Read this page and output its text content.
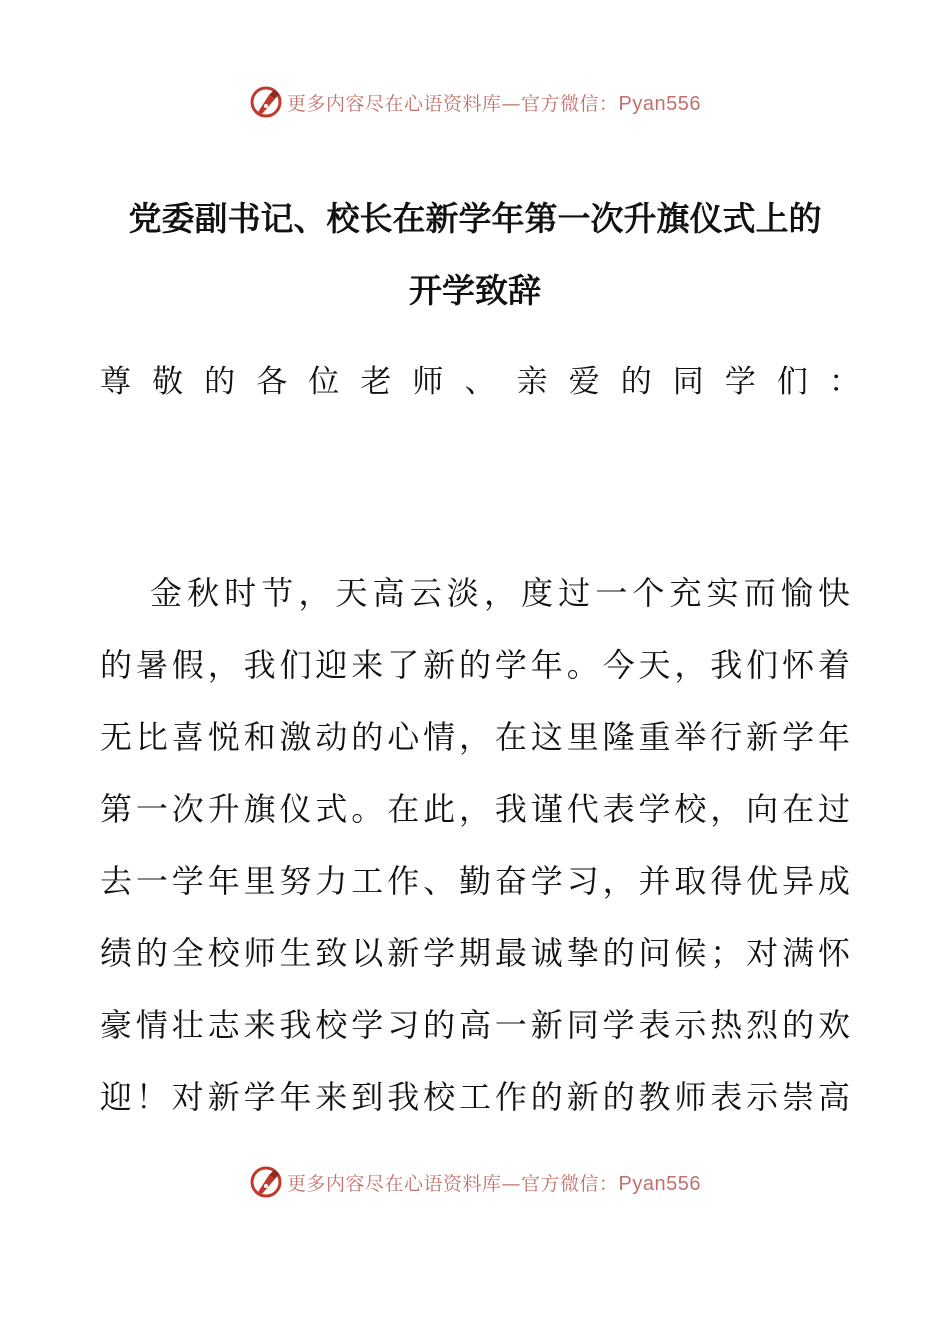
更多内容尽在心语资料库—官方微信：Pyan556
党委副书记、校长在新学年第一次升旗仪式上的
开学致辞
尊敬的各位老师、亲爱的同学们：
金秋时节，天高云淡，度过一个充实而愉快
的暑假，我们迎来了新的学年。今天，我们怀着
无比喜悦和激动的心情，在这里隆重举行新学年
第一次升旗仪式。在此，我谨代表学校，向在过
去一学年里努力工作、勤奋学习，并取得优异成
绩的全校师生致以新学期最诚挚的问候；对满怀
豪情壮志来我校学习的高一新同学表示热烈的欢
迎！对新学年来到我校工作的新的教师表示崇高
更多内容尽在心语资料库—官方微信：Pyan556
